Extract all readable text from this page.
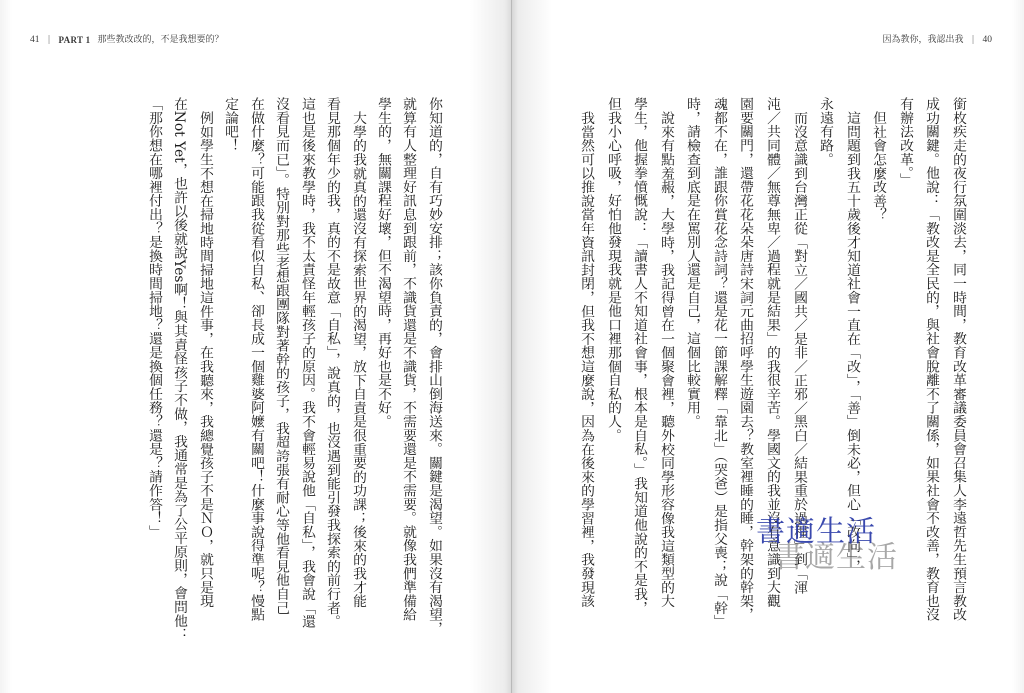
41 | PART 1 那些教改改的，不是我想要的？
你知道的，自有巧妙安排；該你負責的，會排山倒海送來。關鍵是渴望。如果沒有渴望，
就算有人整理好訊息到跟前，不識貨還是不識貨，不需要還是不需要。就像我們準備給
學生的，無關課程好壞，但不渴望時，再好也是不好。
大學的我就真的還沒有探索世界的渴望，放下自責是很重要的功課；後來的我才能
看見那個年少的我，真的不是故意「自私」，說真的，也沒遇到能引發我探索的前行者。
這也是後來教學時，我不太責怪年輕孩子的原因。我不會輕易說他「自私」，我會說「還
沒看見而已」。特別對那些老想跟團隊對著幹的孩子，我超誇張有耐心等他看見他自己
在做什麼？可能跟我從看似自私、卻長成一個雞婆阿嬤有關吧！什麼事說得準呢？慢點
定論吧！
例如學生不想在掃地時間掃地這件事，在我聽來，我總覺孩子不是ＮＯ，就只是現
在Not Yet，也許以後就說Yes啊！與其責怪孩子不做，我通常是為了公平原則，會問他：
「那你想在哪裡付出？是換時間掃地？還是換個任務？還是？請作答！」
因為教你，我認出我 | 40
銜枚疾走的夜行氛圍淡去，同一時間，教育改革審議委員會召集人李遠哲先生預言教改
成功關鍵。他說：「教改是全民的，與社會脫離不了關係，如果社會不改善，教育也沒
有辦法改革。」
但社會怎麼改善？
這問題到我五十歲後才知道社會一直在「改」，「善」倒未必，但心「改向」，
永遠有路。
而沒意識到台灣正從「對立／國共／是非／正邪／黑白／結果重於過程」到「渾
沌／共同體／無尊無卑／過程就是結果」的我很辛苦。學國文的我並沒有意識到大觀
園要關門，還帶花花朵朵唐詩宋詞元曲招呼學生遊園去？教室裡睡的睡，幹架的幹架，
魂都不在，誰跟你賞花念詩詞？還是花一節課解釋「靠北」（哭爸）是指父喪；說「幹」
時，請檢查到底是在罵別人還是自己，這個比較實用。
說來有點羞赧，大學時，我記得曾在一個聚會裡，聽外校同學形容像我這類型的大
學生，他握拳憤慨說：「讀書人不知道社會事，根本是自私。」我知道他說的不是我，
但我小心呼吸，好怕他發現我就是他口裡那個自私的人。
我當然可以推說當年資訊封閉，但我不想這麼說，因為在後來的學習裡，我發現該	書適生活
書適生活
